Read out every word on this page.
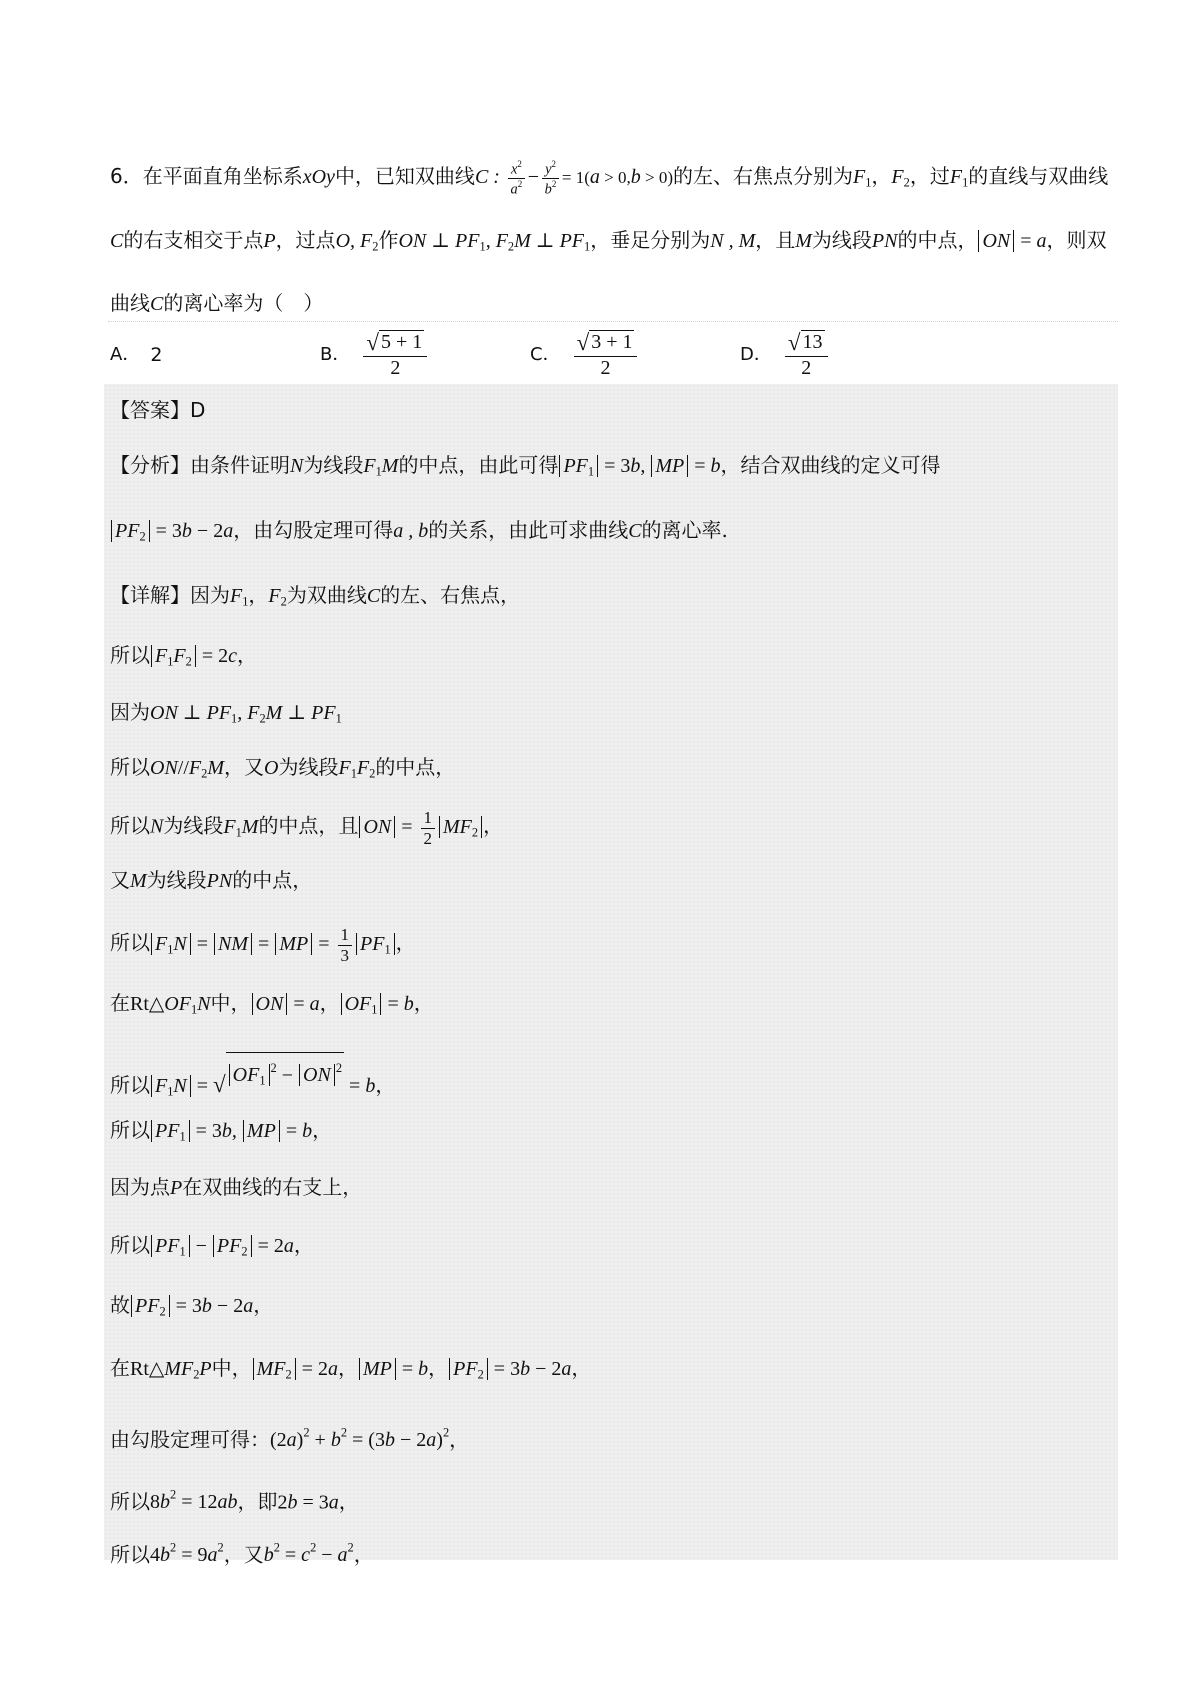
6．在平面直角坐标系xOy中，已知双曲线C : $\frac{x^2}{a^2} - \frac{y^2}{b^2} = 1(a > 0,b > 0)$的左、右焦点分别为$F_1$，$F_2$，过$F_1$的直线与双曲线C的右支相交于点P，过点O, $F_2$作ON ⊥ $PF_1$, $F_2M$ ⊥ $PF_1$，垂足分别为N , M，且M为线段PN的中点， ON = a，则双曲线C的离心率为（　）
A． 2	B． $\frac{√ 5 + 1}{2}$	C． $\frac{√ 3 + 1}{2}$	D． $\frac{√ 13}{2}$
【答案】D
【分析】由条件证明N为线段$F_1M$的中点，由此可得 $PF_1 = 3b$, MP = b，结合双曲线的定义可得
$PF_2 = 3b - 2a$，由勾股定理可得a , b的关系，由此可求曲线C的离心率.
【详解】因为$F_1$，$F_2$为双曲线C的左、右焦点，
所以 $F_1F_2 = 2c$，
因为ON ⊥ $PF_1$, $F_2M$ ⊥ $PF_1$
所以$ON//F_2M$，又O为线段$F_1F_2$的中点，
所以N为线段$F_1M$的中点，且 ON = $\frac{1}{2} MF_2$ ，
又M为线段PN的中点，
所以 $F_1N$ = NM = MP = $\frac{1}{3} PF_1$ ，
在$Rt\triangle OF_1N$中， ON = a， $OF_1 = b$，
所以 $F_1N$ = √ $OF_1^2$ − ON $^2$
= b，
所以 $PF_1 = 3b$, MP = b，
因为点P在双曲线的右支上，
所以 $PF_1 - PF_2 = 2a$，
故 $PF_2 = 3b - 2a$，
在$Rt\triangle MF_2P$中， $MF_2 = 2a$， MP = b， $PF_2 = 3b - 2a$，
由勾股定理可得：$(2a)^2 + b^2 = (3b - 2a)^2$，
所以$8b^2 = 12ab$，即2b = 3a，
所以$4b^2 = 9a^2$，又$b^2 = c^2 - a^2$，
